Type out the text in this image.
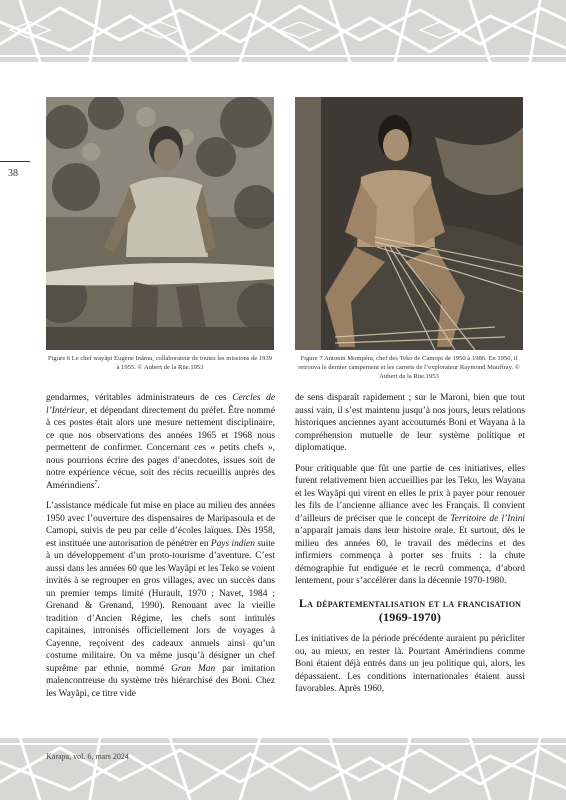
38
Figure 6 Le chef wayãpi Eugène Inãmu, collaborateur de toutes les missions de 1939 à 1955. © Aubert de la Rüe.1953
Figure 7 Antonin Mompéra, chef des Teko de Camopi de 1950 à 1986. En 1950, il retrouva le dernier campement et les carnets de l’explorateur Raymond Mauffray. © Aubert de la Rüe.1953

gendarmes, véritables administrateurs de ces Cercles de l’Intérieur, et dépendant directement du préfet. Être nommé à ces postes était alors une mesure nettement disciplinaire, ce que nos observations des années 1965 et 1968 nous permettent de confirmer. Concernant ces « petits chefs », nous pourrions écrire des pages d’anecdotes, issues soit de notre expérience vécue, soit des récits recueillis auprès des Amérindiens$^7$.

L’assistance médicale fut mise en place au milieu des années 1950 avec l’ouverture des dispensaires de Maripasoula et de Camopi, suivis de peu par celle d’écoles laïques. Dès 1958, est instituée une autorisation de pénétrer en Pays indien suite à un développement d’un proto-tourisme d’aventure. C’est aussi dans les années 60 que les Wayãpi et les Teko se voient invités à se regrouper en gros villages, avec un succès dans un premier temps limité (Hurault, 1970 ; Navet, 1984 ; Grenand & Grenand, 1990). Renouant avec la vieille tradition d’Ancien Régime, les chefs sont intitulés capitaines, intronisés officiellement lors de voyages à Cayenne, reçoivent des cadeaux annuels ainsi qu’un costume militaire. On va même jusqu’à désigner un chef suprême par ethnie, nommé Gran Man par imitation malencontreuse du système très hiérarchisé des Boni. Chez les Wayãpi, ce titre vide

de sens disparaît rapidement ; sur le Maroni, bien que tout aussi vain, il s’est maintenu jusqu’à nos jours, leurs relations historiques anciennes ayant accoutumés Boni et Wayana à la compréhension mutuelle de leur système politique et diplomatique.

Pour critiquable que fût une partie de ces initiatives, elles furent relativement bien accueillies par les Teko, les Wayana et les Wayãpi qui virent en elles le prix à payer pour renouer les fils de l’ancienne alliance avec les Français. Il convient d’ailleurs de préciser que le concept de Territoire de l’Inini n’apparaît jamais dans leur histoire orale. Et surtout, dès le milieu des années 60, le travail des médecins et des infirmiers commença à porter ses fruits : la chute démographie fut endiguée et le recrû commença, d’abord lentement, pour s’accélérer dans la décennie 1970-1980.

La départementalisation et la francisation
(1969-1970)

Les initiatives de la période précédente auraient pu péricliter ou, au mieux, en rester là. Pourtant Amérindiens comme Boni étaient déjà entrés dans un jeu politique qui, alors, les dépassaient. Les conditions internationales étaient aussi favorables. Après 1960,

Karapa, vol. 6, mars 2024
